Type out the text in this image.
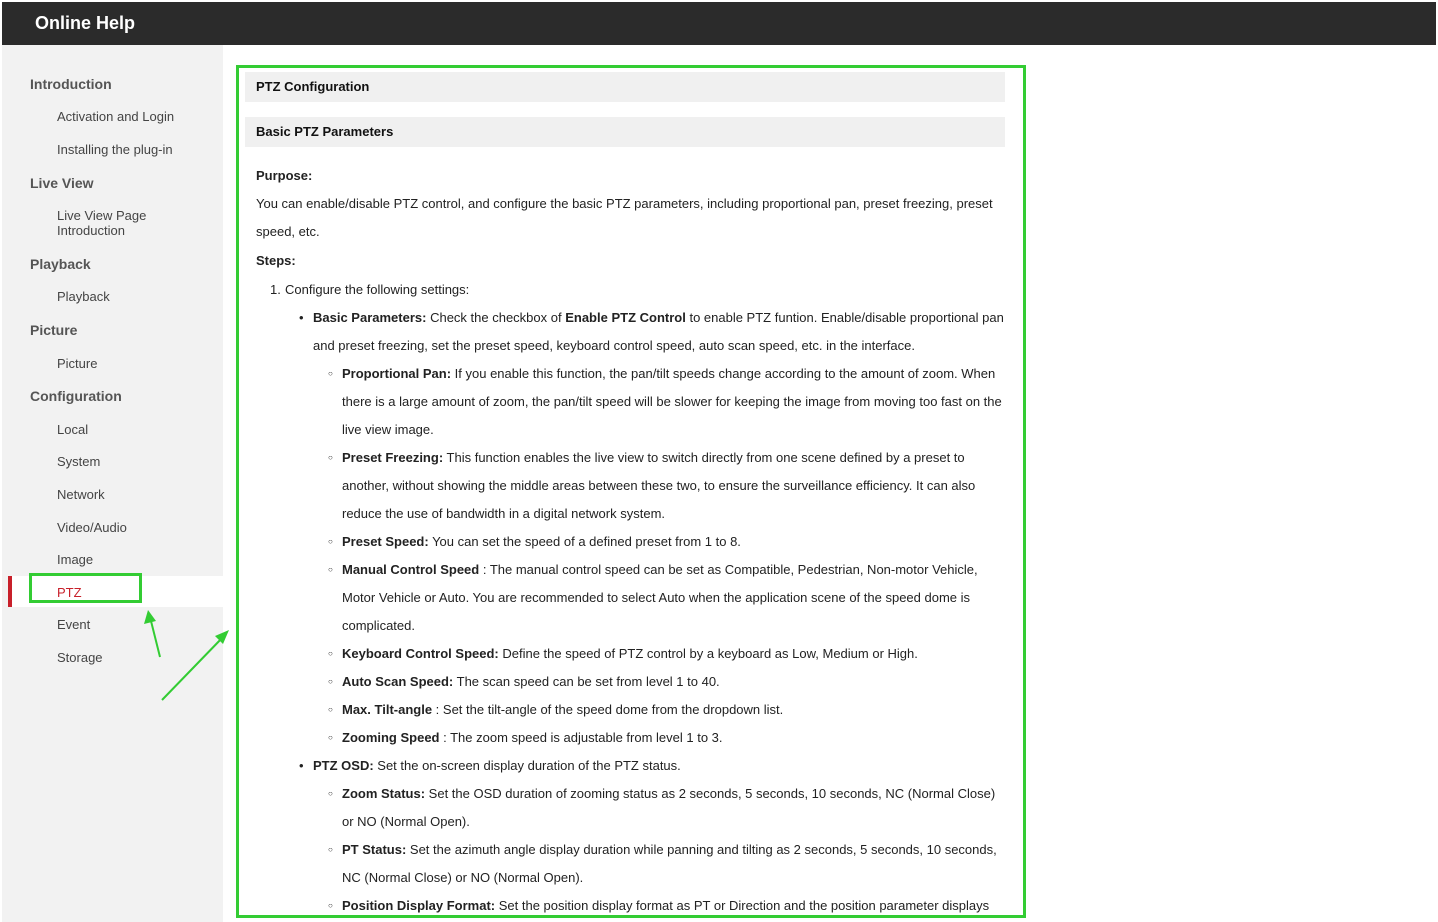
Online Help
Introduction
Activation and Login
Installing the plug-in
Live View
Live View Page Introduction
Playback
Playback
Picture
Picture
Configuration
Local
System
Network
Video/Audio
Image
PTZ
Event
Storage
PTZ Configuration
Basic PTZ Parameters
Purpose:

You can enable/disable PTZ control, and configure the basic PTZ parameters, including proportional pan, preset freezing, preset speed, etc.

Steps:
1. Configure the following settings:
• Basic Parameters: Check the checkbox of Enable PTZ Control to enable PTZ funtion. Enable/disable proportional pan and preset freezing, set the preset speed, keyboard control speed, auto scan speed, etc. in the interface.
○ Proportional Pan: If you enable this function, the pan/tilt speeds change according to the amount of zoom. When there is a large amount of zoom, the pan/tilt speed will be slower for keeping the image from moving too fast on the live view image.
○ Preset Freezing: This function enables the live view to switch directly from one scene defined by a preset to another, without showing the middle areas between these two, to ensure the surveillance efficiency. It can also reduce the use of bandwidth in a digital network system.
○ Preset Speed: You can set the speed of a defined preset from 1 to 8.
○ Manual Control Speed : The manual control speed can be set as Compatible, Pedestrian, Non-motor Vehicle, Motor Vehicle or Auto. You are recommended to select Auto when the application scene of the speed dome is complicated.
○ Keyboard Control Speed: Define the speed of PTZ control by a keyboard as Low, Medium or High.
○ Auto Scan Speed: The scan speed can be set from level 1 to 40.
○ Max. Tilt-angle : Set the tilt-angle of the speed dome from the dropdown list.
○ Zooming Speed : The zoom speed is adjustable from level 1 to 3.
• PTZ OSD: Set the on-screen display duration of the PTZ status.
○ Zoom Status: Set the OSD duration of zooming status as 2 seconds, 5 seconds, 10 seconds, NC (Normal Close) or NO (Normal Open).
○ PT Status: Set the azimuth angle display duration while panning and tilting as 2 seconds, 5 seconds, 10 seconds, NC (Normal Close) or NO (Normal Open).
○ Position Display Format: Set the position display format as PT or Direction and the position parameter displays
